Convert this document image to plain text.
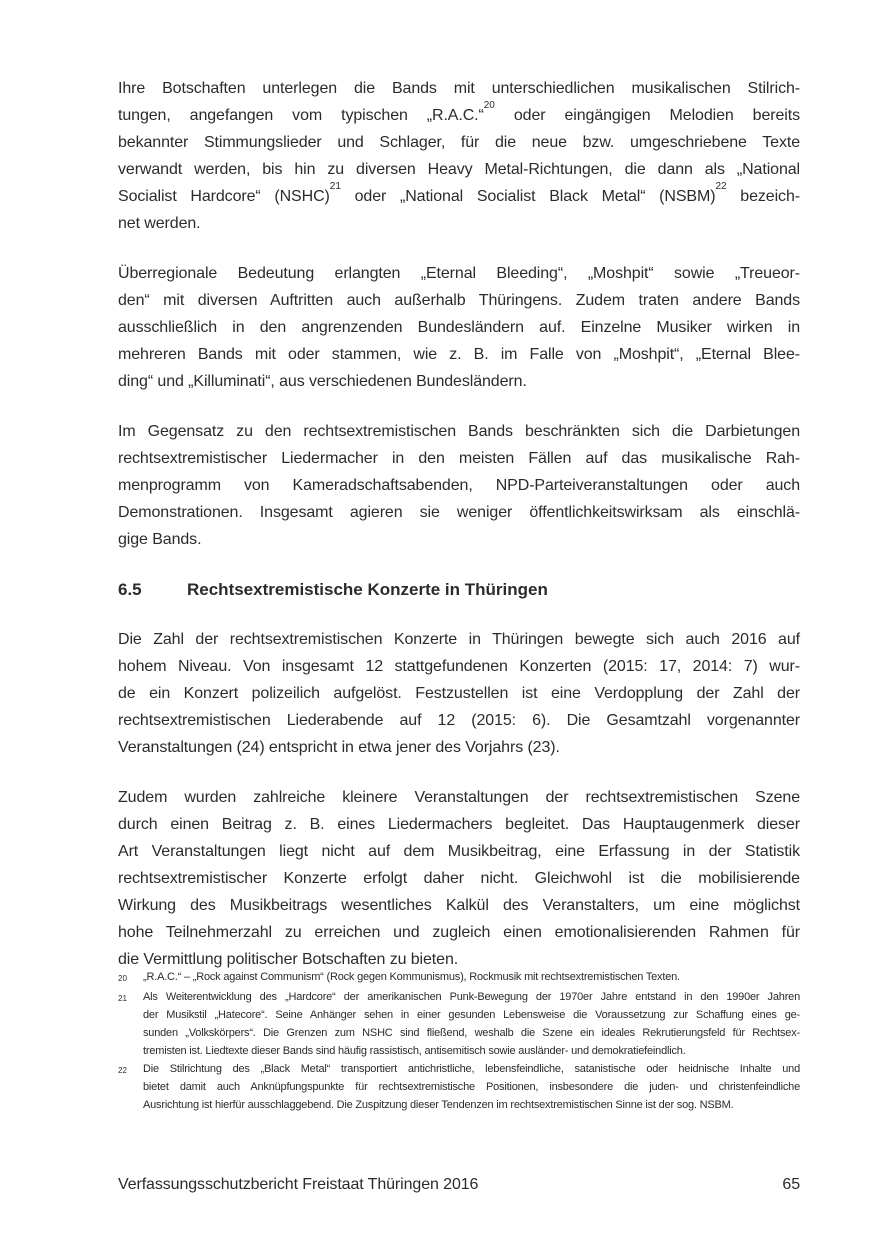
Ihre Botschaften unterlegen die Bands mit unterschiedlichen musikalischen Stilrich-
tungen, angefangen vom typischen „R.A.C.“$^{20}$ oder eingängigen Melodien bereits
bekannter Stimmungslieder und Schlager, für die neue bzw. umgeschriebene Texte
verwandt werden, bis hin zu diversen Heavy Metal-Richtungen, die dann als „National
Socialist Hardcore“ (NSHC)$^{21}$ oder „National Socialist Black Metal“ (NSBM)$^{22}$ bezeich-
net werden.
Überregionale Bedeutung erlangten „Eternal Bleeding“, „Moshpit“ sowie „Treueor-
den“ mit diversen Auftritten auch außerhalb Thüringens. Zudem traten andere Bands
ausschließlich in den angrenzenden Bundesländern auf. Einzelne Musiker wirken in
mehreren Bands mit oder stammen, wie z. B. im Falle von „Moshpit“, „Eternal Blee-
ding“ und „Killuminati“, aus verschiedenen Bundesländern.
Im Gegensatz zu den rechtsextremistischen Bands beschränkten sich die Darbietungen
rechtsextremistischer Liedermacher in den meisten Fällen auf das musikalische Rah-
menprogramm von Kameradschaftsabenden, NPD-Parteiveranstaltungen oder auch
Demonstrationen. Insgesamt agieren sie weniger öffentlichkeitswirksam als einschlä-
gige Bands.
6.5	Rechtsextremistische Konzerte in Thüringen
Die Zahl der rechtsextremistischen Konzerte in Thüringen bewegte sich auch 2016 auf
hohem Niveau. Von insgesamt 12 stattgefundenen Konzerten (2015: 17, 2014: 7) wur-
de ein Konzert polizeilich aufgelöst. Festzustellen ist eine Verdopplung der Zahl der
rechtsextremistischen Liederabende auf 12 (2015: 6). Die Gesamtzahl vorgenannter
Veranstaltungen (24) entspricht in etwa jener des Vorjahrs (23).
Zudem wurden zahlreiche kleinere Veranstaltungen der rechtsextremistischen Szene
durch einen Beitrag z. B. eines Liedermachers begleitet. Das Hauptaugenmerk dieser
Art Veranstaltungen liegt nicht auf dem Musikbeitrag, eine Erfassung in der Statistik
rechtsextremistischer Konzerte erfolgt daher nicht. Gleichwohl ist die mobilisierende
Wirkung des Musikbeitrags wesentliches Kalkül des Veranstalters, um eine möglichst
hohe Teilnehmerzahl zu erreichen und zugleich einen emotionalisierenden Rahmen für
die Vermittlung politischer Botschaften zu bieten.
20	„R.A.C.“ – „Rock against Communism“ (Rock gegen Kommunismus), Rockmusik mit rechtsextremistischen Texten.
21	Als Weiterentwicklung des „Hardcore“ der amerikanischen Punk-Bewegung der 1970er Jahre entstand in den 1990er Jahren
der Musikstil „Hatecore“. Seine Anhänger sehen in einer gesunden Lebensweise die Voraussetzung zur Schaffung eines ge-
sunden „Volkskörpers“. Die Grenzen zum NSHC sind fließend, weshalb die Szene ein ideales Rekrutierungsfeld für Rechtsex-
tremisten ist. Liedtexte dieser Bands sind häufig rassistisch, antisemitisch sowie ausländer- und demokratiefeindlich.
22	Die Stilrichtung des „Black Metal“ transportiert antichristliche, lebensfeindliche, satanistische oder heidnische Inhalte und
bietet damit auch Anknüpfungspunkte für rechtsextremistische Positionen, insbesondere die juden- und christenfeindliche
Ausrichtung ist hierfür ausschlaggebend. Die Zuspitzung dieser Tendenzen im rechtsextremistischen Sinne ist der sog. NSBM.
Verfassungsschutzbericht Freistaat Thüringen 2016	65
